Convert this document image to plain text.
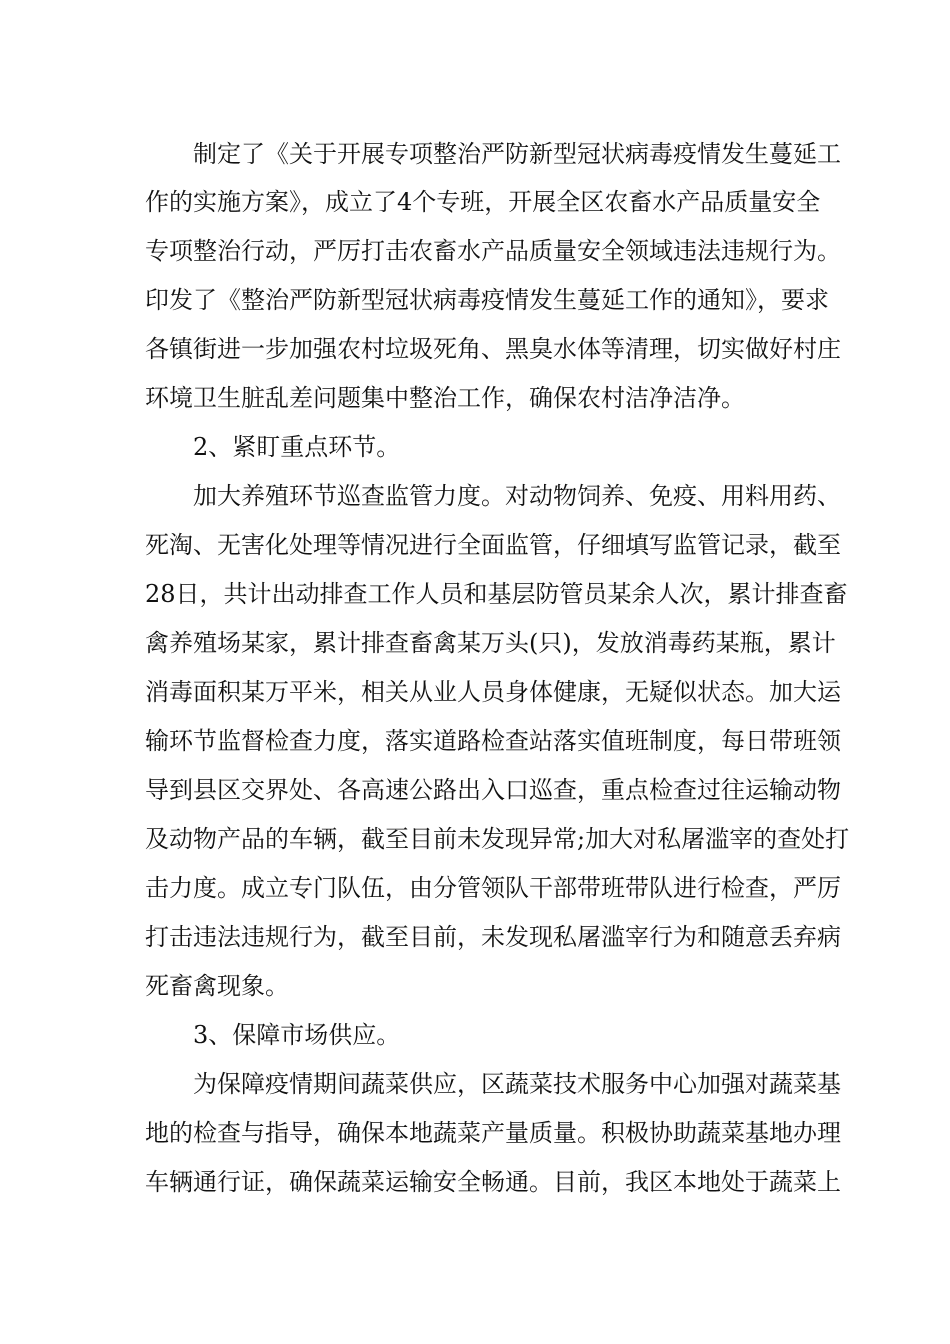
制定了《关于开展专项整治严防新型冠状病毒疫情发生蔓延工

作的实施方案》，成立了4个专班，开展全区农畜水产品质量安全

专项整治行动，严厉打击农畜水产品质量安全领域违法违规行为。

印发了《整治严防新型冠状病毒疫情发生蔓延工作的通知》，要求

各镇街进一步加强农村垃圾死角、黑臭水体等清理，切实做好村庄

环境卫生脏乱差问题集中整治工作，确保农村洁净洁净。

2、紧盯重点环节。

加大养殖环节巡查监管力度。对动物饲养、免疫、用料用药、

死淘、无害化处理等情况进行全面监管，仔细填写监管记录，截至

28日，共计出动排查工作人员和基层防管员某余人次，累计排查畜

禽养殖场某家，累计排查畜禽某万头(只)，发放消毒药某瓶，累计

消毒面积某万平米，相关从业人员身体健康，无疑似状态。加大运

输环节监督检查力度，落实道路检查站落实值班制度，每日带班领

导到县区交界处、各高速公路出入口巡查，重点检查过往运输动物

及动物产品的车辆，截至目前未发现异常;加大对私屠滥宰的查处打

击力度。成立专门队伍，由分管领队干部带班带队进行检查，严厉

打击违法违规行为，截至目前，未发现私屠滥宰行为和随意丢弃病

死畜禽现象。

3、保障市场供应。

为保障疫情期间蔬菜供应，区蔬菜技术服务中心加强对蔬菜基

地的检查与指导，确保本地蔬菜产量质量。积极协助蔬菜基地办理

车辆通行证，确保蔬菜运输安全畅通。目前，我区本地处于蔬菜上
